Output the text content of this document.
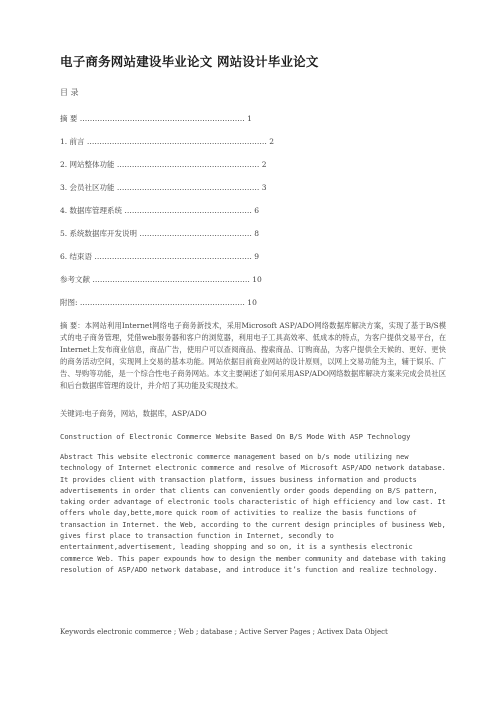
电子商务网站建设毕业论文 网站设计毕业论文
目 录
摘 要 ………………………………………………………… 1
1. 前言 ……………………………………………………………… 2
2. 网站整体功能 ………………………………………………… 2
3. 会员社区功能 ………………………………………………… 3
4. 数据库管理系统 …………………………………………… 6
5. 系统数据库开发说明 ……………………………………… 8
6. 结束语 ……………………………………………………… 9
参考文献 ……………………………………………………… 10
附图: ………………………………………………………… 10
摘 要：本网站利用Internet网络电子商务新技术，采用Microsoft ASP/ADO网络数据库解决方案，实现了基于B/S模式的电子商务管理，凭借web服务器和客户的浏览器，利用电子工具高效率、低成本的特点，为客户提供交易平台，在Internet上发布商业信息，商品广告，使用户可以查阅商品、搜索商品、订购商品，为客户提供全天候的、更好、更快的商务活动空间，实现网上交易的基本功能。网站依据目前商业网站的设计原则，以网上交易功能为主，辅于娱乐、广告、导购等功能，是一个综合性电子商务网站。本文主要阐述了如何采用ASP/ADO网络数据库解决方案来完成会员社区和后台数据库管理的设计，并介绍了其功能及实现技术。
关键词:电子商务，网站，数据库，ASP/ADO
Construction of Electronic Commerce Website Based On B/S Mode With ASP Technology
Abstract This website electronic commerce management based on b/s mode utilizing new technology of Internet electronic commerce and resolve of Microsoft ASP/ADO network database. It provides client with transaction platform, issues business information and products advertisements in order that clients can conveniently order goods depending on B/S pattern, taking order advantage of electronic tools characteristic of high efficiency and low cast. It offers whole day,bette,more quick room of activities to realize the basis functions of transaction in Internet. the Web, according to the current design principles of business Web, gives first place to transaction function in Internet, secondly to entertainment,advertisement, leading shopping and so on, it is a synthesis electronic commerce Web. This paper expounds how to design the member community and datebase with taking resolution of ASP/ADO network database, and introduce it’s function and realize technology.
Keywords electronic commerce ; Web ; database ; Active Server Pages ; Activex Data Object
